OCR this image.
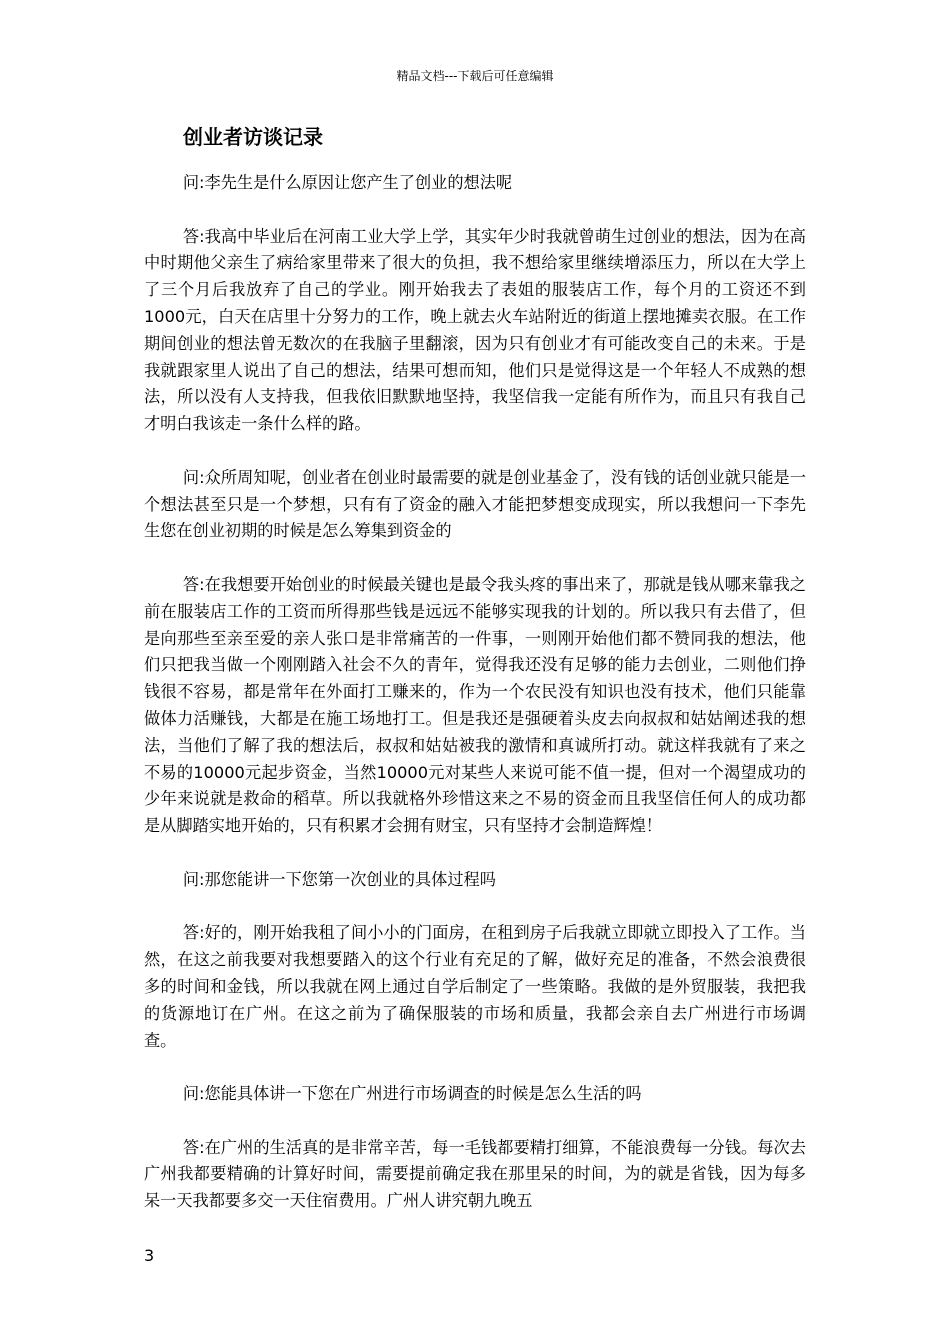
精品文档---下载后可任意编辑
创业者访谈记录

问:李先生是什么原因让您产生了创业的想法呢

答:我高中毕业后在河南工业大学上学，其实年少时我就曾萌生过创业的想法，因为在高中时期他父亲生了病给家里带来了很大的负担，我不想给家里继续增添压力，所以在大学上了三个月后我放弃了自己的学业。刚开始我去了表姐的服装店工作，每个月的工资还不到1000元，白天在店里十分努力的工作，晚上就去火车站附近的街道上摆地摊卖衣服。在工作期间创业的想法曾无数次的在我脑子里翻滚，因为只有创业才有可能改变自己的未来。于是我就跟家里人说出了自己的想法，结果可想而知，他们只是觉得这是一个年轻人不成熟的想法，所以没有人支持我，但我依旧默默地坚持，我坚信我一定能有所作为，而且只有我自己才明白我该走一条什么样的路。

问:众所周知呢，创业者在创业时最需要的就是创业基金了，没有钱的话创业就只能是一个想法甚至只是一个梦想，只有有了资金的融入才能把梦想变成现实，所以我想问一下李先生您在创业初期的时候是怎么筹集到资金的

答:在我想要开始创业的时候最关键也是最令我头疼的事出来了，那就是钱从哪来靠我之前在服装店工作的工资而所得那些钱是远远不能够实现我的计划的。所以我只有去借了，但是向那些至亲至爱的亲人张口是非常痛苦的一件事，一则刚开始他们都不赞同我的想法，他们只把我当做一个刚刚踏入社会不久的青年，觉得我还没有足够的能力去创业，二则他们挣钱很不容易，都是常年在外面打工赚来的，作为一个农民没有知识也没有技术，他们只能靠做体力活赚钱，大都是在施工场地打工。但是我还是强硬着头皮去向叔叔和姑姑阐述我的想法，当他们了解了我的想法后，叔叔和姑姑被我的激情和真诚所打动。就这样我就有了来之不易的10000元起步资金，当然10000元对某些人来说可能不值一提，但对一个渴望成功的少年来说就是救命的稻草。所以我就格外珍惜这来之不易的资金而且我坚信任何人的成功都是从脚踏实地开始的，只有积累才会拥有财宝，只有坚持才会制造辉煌！

问:那您能讲一下您第一次创业的具体过程吗

答:好的，刚开始我租了间小小的门面房，在租到房子后我就立即就立即投入了工作。当然，在这之前我要对我想要踏入的这个行业有充足的了解，做好充足的准备，不然会浪费很多的时间和金钱，所以我就在网上通过自学后制定了一些策略。我做的是外贸服装，我把我的货源地订在广州。在这之前为了确保服装的市场和质量，我都会亲自去广州进行市场调查。

问:您能具体讲一下您在广州进行市场调查的时候是怎么生活的吗

答:在广州的生活真的是非常辛苦，每一毛钱都要精打细算，不能浪费每一分钱。每次去广州我都要精确的计算好时间，需要提前确定我在那里呆的时间，为的就是省钱，因为每多呆一天我都要多交一天住宿费用。广州人讲究朝九晚五

3
